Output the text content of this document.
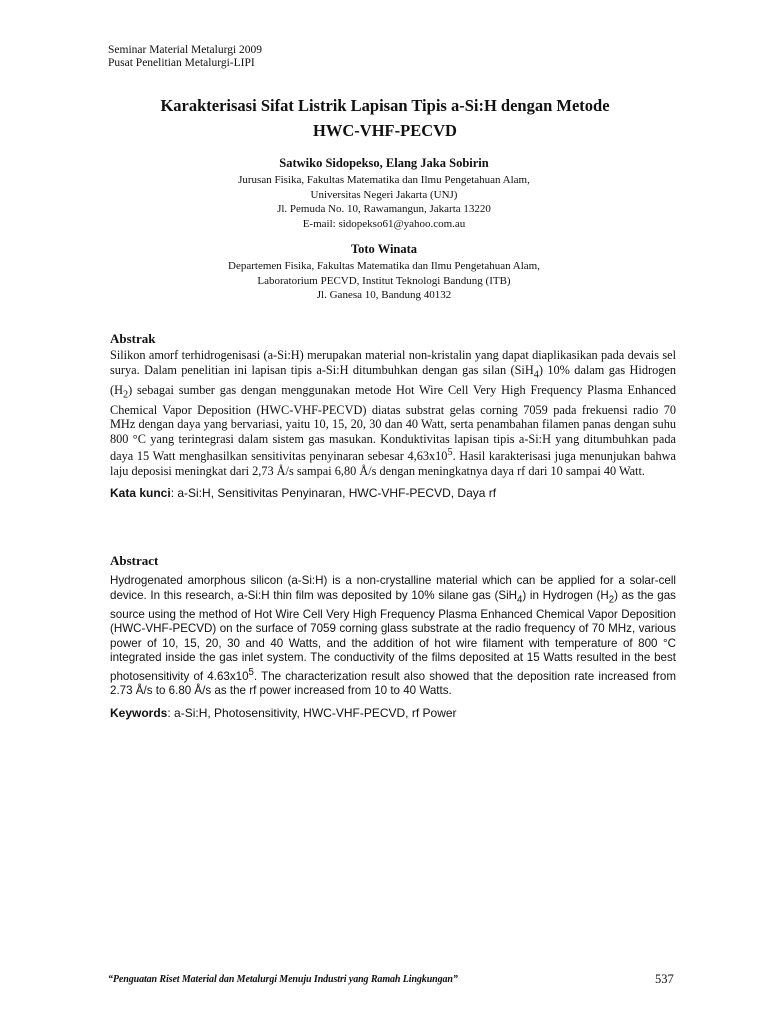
Seminar Material Metalurgi 2009
Pusat Penelitian Metalurgi-LIPI
Karakterisasi Sifat Listrik Lapisan Tipis a-Si:H dengan Metode
HWC-VHF-PECVD
Satwiko Sidopekso, Elang Jaka Sobirin
Jurusan Fisika, Fakultas Matematika dan Ilmu Pengetahuan Alam,
Universitas Negeri Jakarta (UNJ)
Jl. Pemuda No. 10, Rawamangun, Jakarta 13220
E-mail: sidopekso61@yahoo.com.au
Toto Winata
Departemen Fisika, Fakultas Matematika dan Ilmu Pengetahuan Alam,
Laboratorium PECVD, Institut Teknologi Bandung (ITB)
Jl. Ganesa 10, Bandung 40132
Abstrak

Silikon amorf terhidrogenisasi (a-Si:H) merupakan material non-kristalin yang dapat diaplikasikan pada devais sel surya. Dalam penelitian ini lapisan tipis a-Si:H ditumbuhkan dengan gas silan (SiH$_4$) 10% dalam gas Hidrogen $(H_2)$ sebagai sumber gas dengan menggunakan metode Hot Wire Cell Very High Frequency Plasma Enhanced Chemical Vapor Deposition (HWC-VHF-PECVD) diatas substrat gelas corning 7059 pada frekuensi radio 70 MHz dengan daya yang bervariasi, yaitu 10, 15, 20, 30 dan 40 Watt, serta penambahan filamen panas dengan suhu 800 °C yang terintegrasi dalam sistem gas masukan. Konduktivitas lapisan tipis a-Si:H yang ditumbuhkan pada daya 15 Watt menghasilkan sensitivitas penyinaran sebesar $4,63x10^5$. Hasil karakterisasi juga menunjukan bahwa laju deposisi meningkat dari 2,73 Å/s sampai 6,80 Å/s dengan meningkatnya daya rf dari 10 sampai 40 Watt.

Kata kunci: a-Si:H, Sensitivitas Penyinaran, HWC-VHF-PECVD, Daya rf
Abstract

Hydrogenated amorphous silicon (a-Si:H) is a non-crystalline material which can be applied for a solar-cell device. In this research, a-Si:H thin film was deposited by 10% silane gas (SiH$_4$) in Hydrogen $(H_2)$ as the gas source using the method of Hot Wire Cell Very High Frequency Plasma Enhanced Chemical Vapor Deposition (HWC-VHF-PECVD) on the surface of 7059 corning glass substrate at the radio frequency of 70 MHz, various power of 10, 15, 20, 30 and 40 Watts, and the addition of hot wire filament with temperature of 800 °C integrated inside the gas inlet system. The conductivity of the films deposited at 15 Watts resulted in the best photosensitivity of $4.63x10^5$. The characterization result also showed that the deposition rate increased from 2.73 Å/s to 6.80 Å/s as the rf power increased from 10 to 40 Watts.

Keywords: a-Si:H, Photosensitivity, HWC-VHF-PECVD, rf Power
“Penguatan Riset Material dan Metalurgi Menuju Industri yang Ramah Lingkungan”	537
